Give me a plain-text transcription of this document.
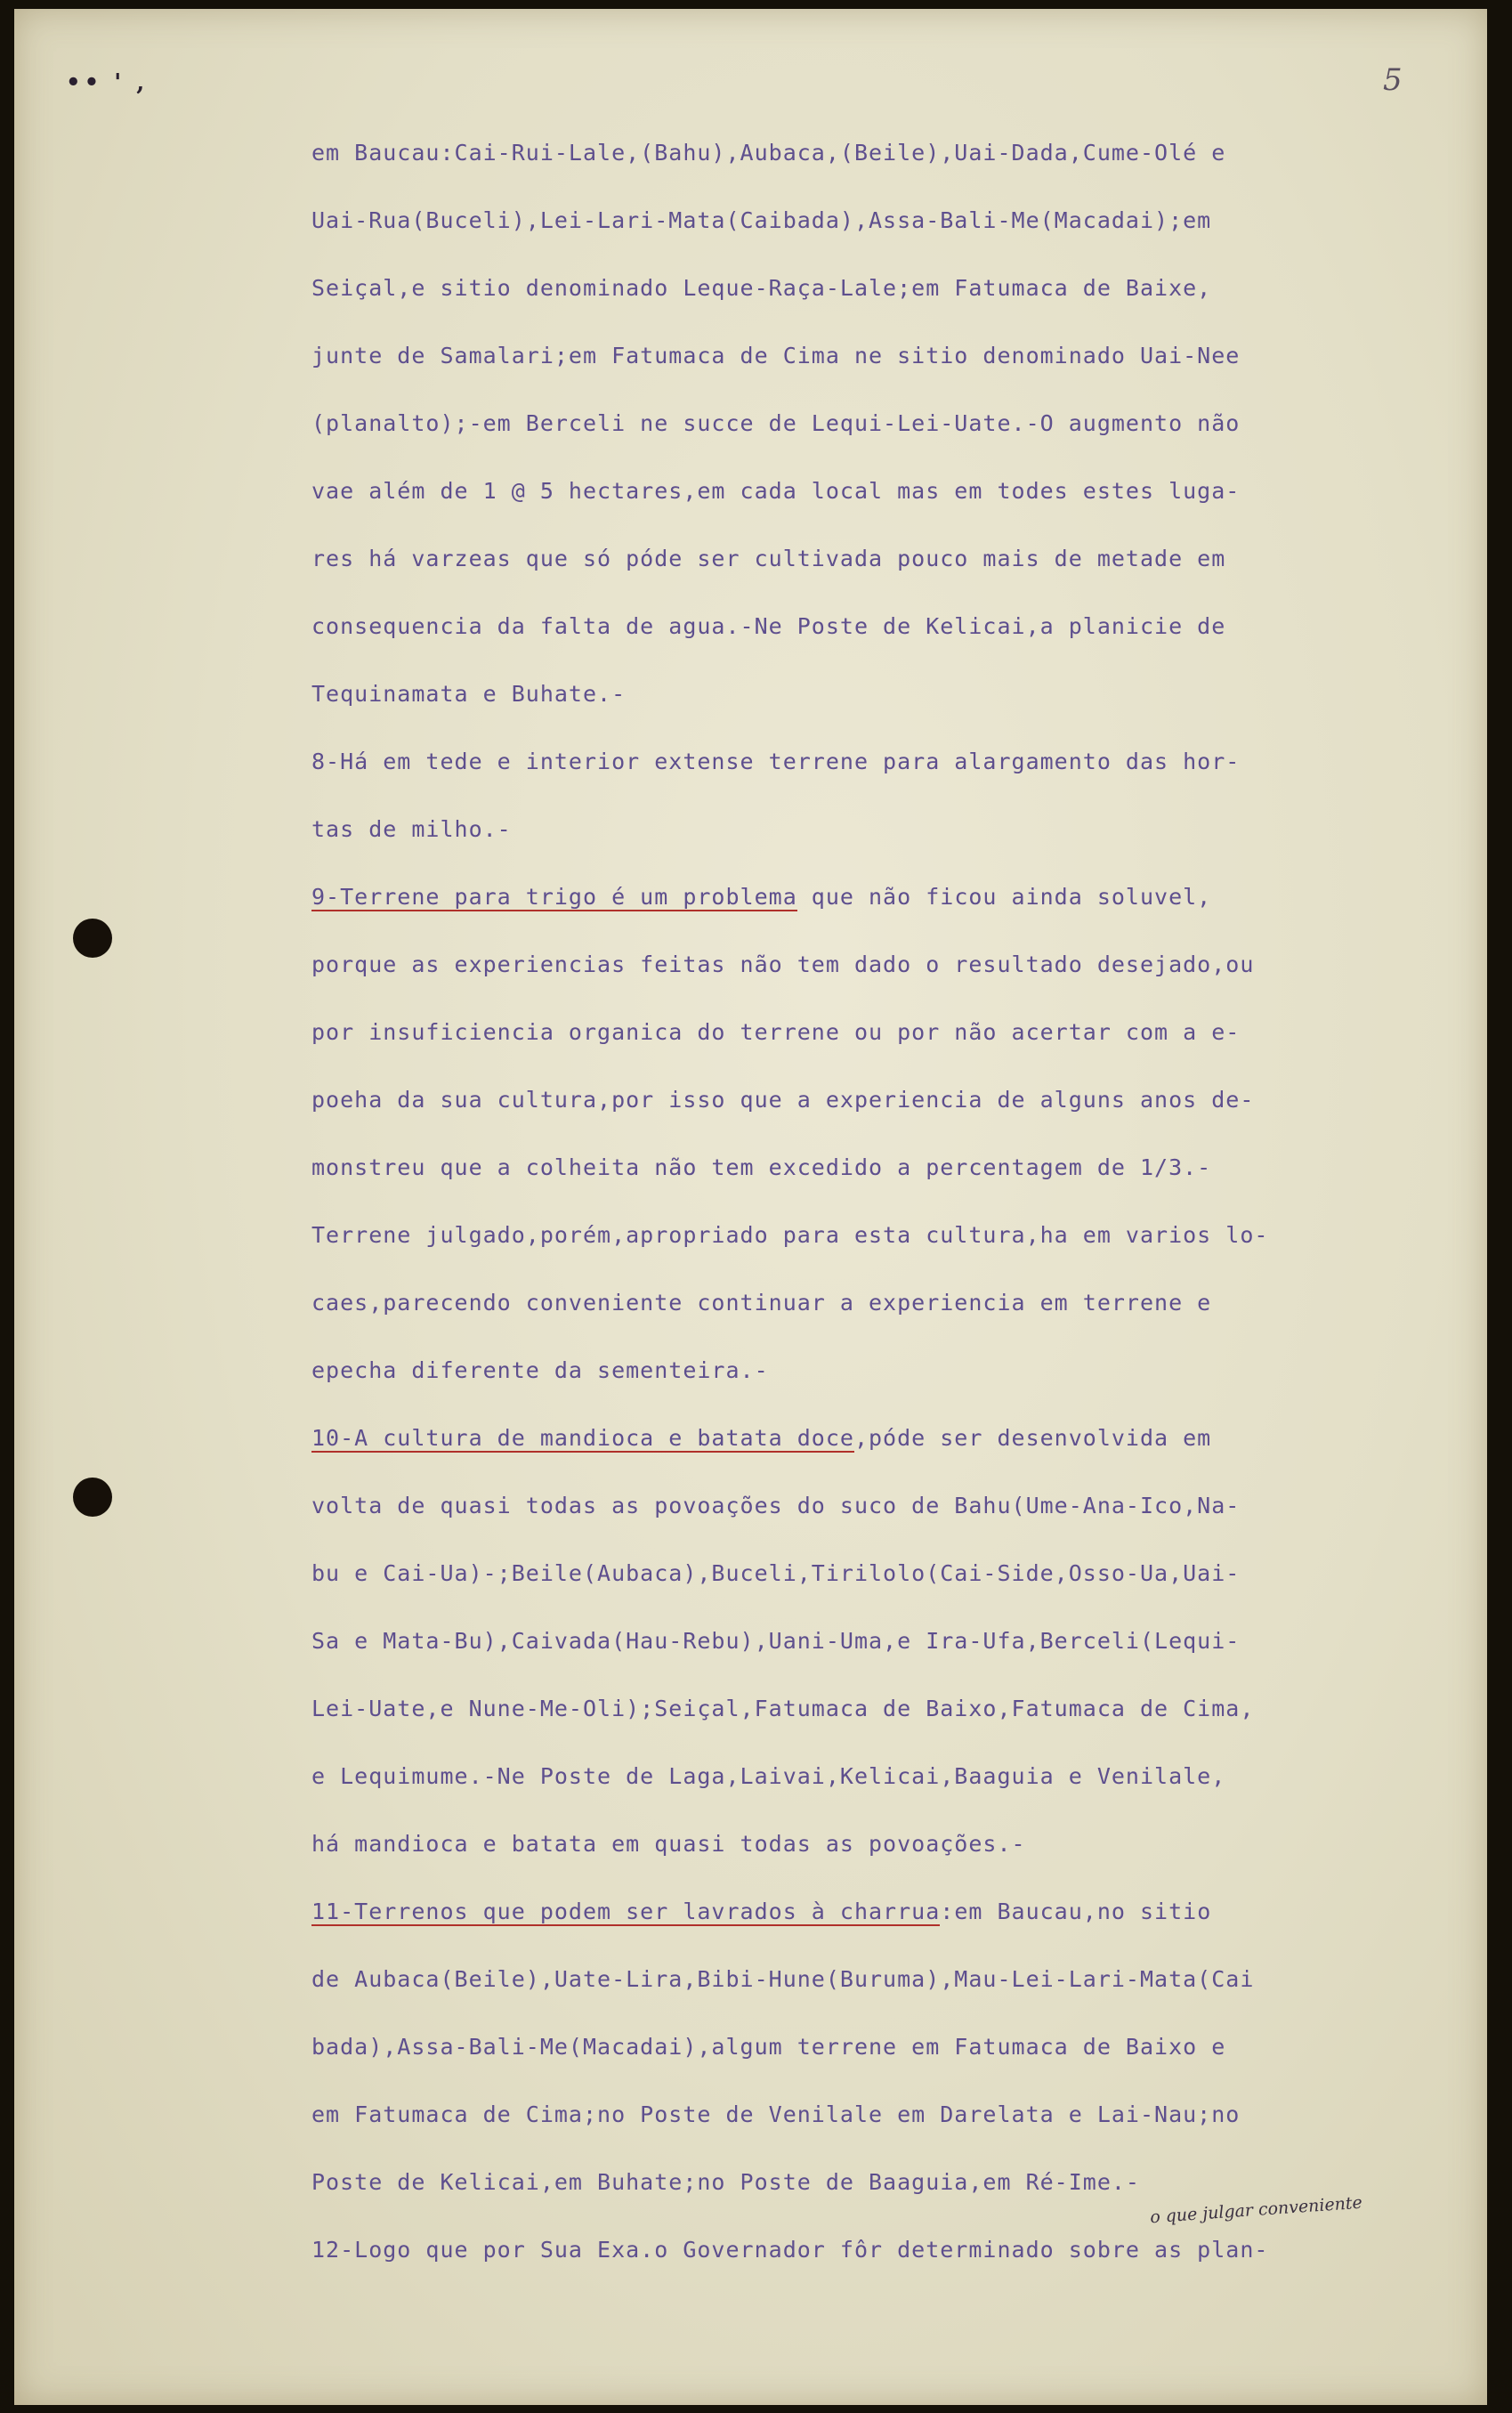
•• ' ,	5
em Baucau:Cai-Rui-Lale,(Bahu),Aubaca,(Beile),Uai-Dada,Cume-Olé e
Uai-Rua(Buceli),Lei-Lari-Mata(Caibada),Assa-Bali-Me(Macadai);em
Seiçal,e sitio denominado Leque-Raça-Lale;em Fatumaca de Baixe,
junte de Samalari;em Fatumaca de Cima ne sitio denominado Uai-Nee
(planalto);-em Berceli ne succe de Lequi-Lei-Uate.-O augmento não
vae além de 1 @ 5 hectares,em cada local mas em todes estes luga-
res há varzeas que só póde ser cultivada pouco mais de metade em
consequencia da falta de agua.-Ne Poste de Kelicai,a planicie de
Tequinamata e Buhate.-
8-Há em tede e interior extense terrene para alargamento das hor-
tas de milho.-
9-Terrene para trigo é um problema que não ficou ainda soluvel,
porque as experiencias feitas não tem dado o resultado desejado,ou
por insuficiencia organica do terrene ou por não acertar com a e-
poeha da sua cultura,por isso que a experiencia de alguns anos de-
monstreu que a colheita não tem excedido a percentagem de 1/3.-
Terrene julgado,porém,apropriado para esta cultura,ha em varios lo-
caes,parecendo conveniente continuar a experiencia em terrene e
epecha diferente da sementeira.-
10-A cultura de mandioca e batata doce,póde ser desenvolvida em
volta de quasi todas as povoações do suco de Bahu(Ume-Ana-Ico,Na-
bu e Cai-Ua)-;Beile(Aubaca),Buceli,Tirilolo(Cai-Side,Osso-Ua,Uai-
Sa e Mata-Bu),Caivada(Hau-Rebu),Uani-Uma,e Ira-Ufa,Berceli(Lequi-
Lei-Uate,e Nune-Me-Oli);Seiçal,Fatumaca de Baixo,Fatumaca de Cima,
e Lequimume.-Ne Poste de Laga,Laivai,Kelicai,Baaguia e Venilale,
há mandioca e batata em quasi todas as povoações.-
11-Terrenos que podem ser lavrados à charrua:em Baucau,no sitio
de Aubaca(Beile),Uate-Lira,Bibi-Hune(Buruma),Mau-Lei-Lari-Mata(Cai
bada),Assa-Bali-Me(Macadai),algum terrene em Fatumaca de Baixo e
em Fatumaca de Cima;no Poste de Venilale em Darelata e Lai-Nau;no
Poste de Kelicai,em Buhate;no Poste de Baaguia,em Ré-Ime.-
12-Logo que por Sua Exa.o Governador fôr determinado sobre as plan-
o que julgar conveniente
